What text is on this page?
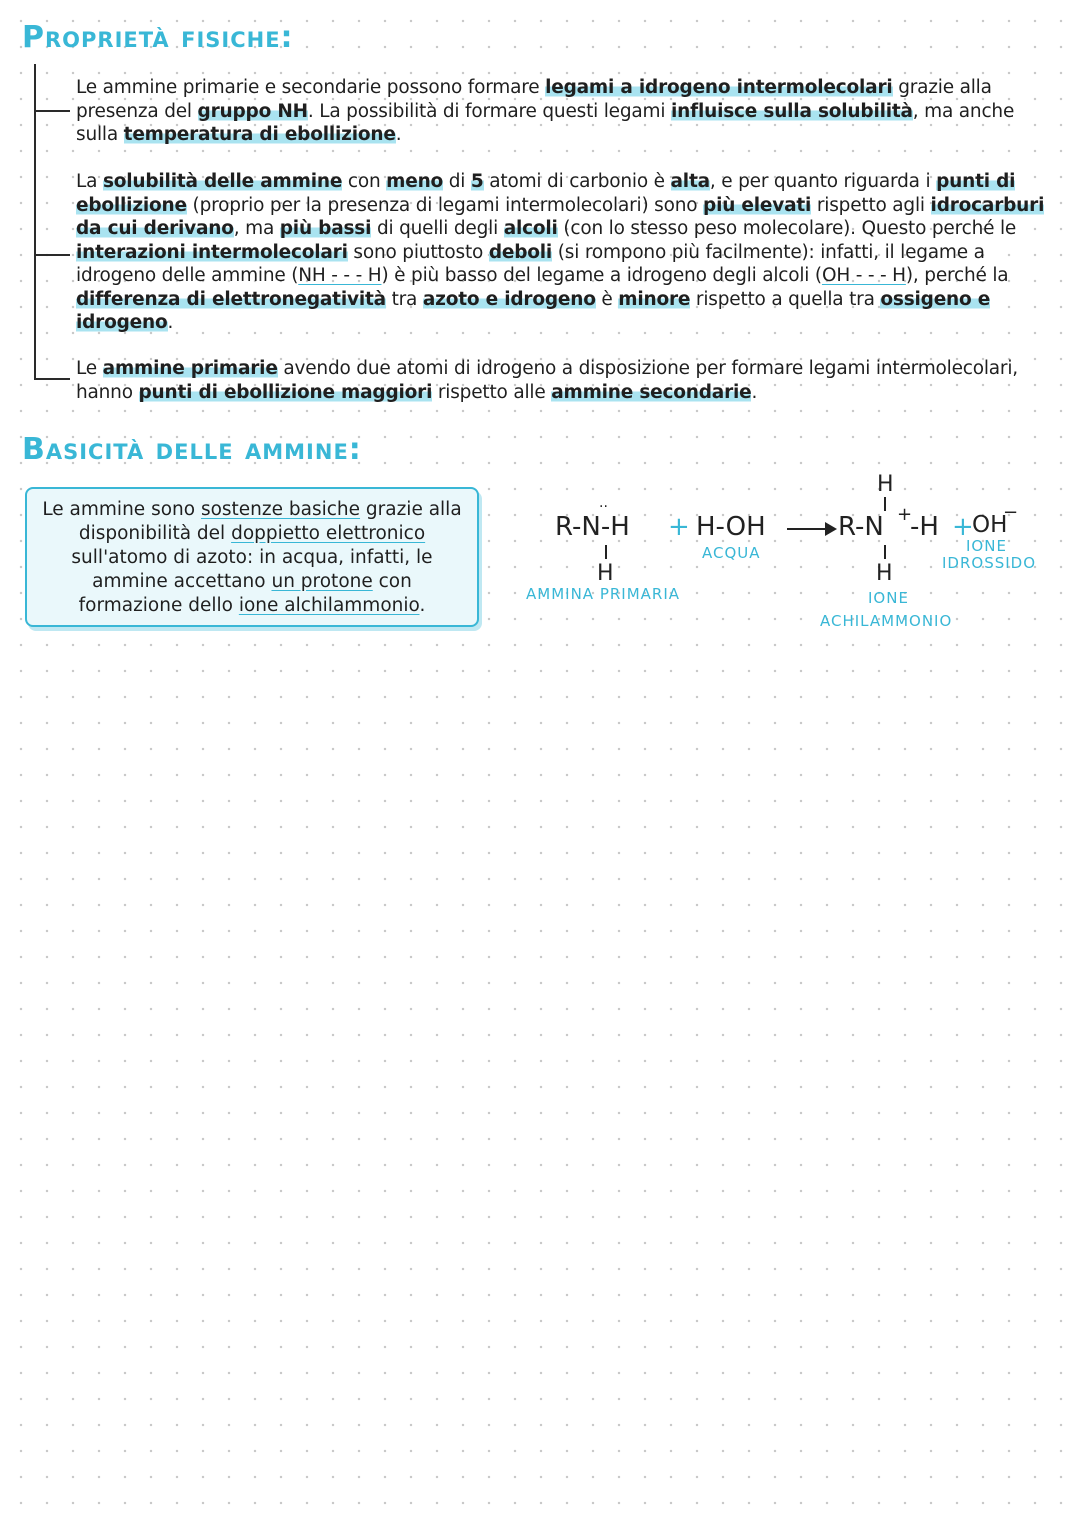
Proprietà fisiche:

Le ammine primarie e secondarie possono formare legami a idrogeno intermolecolari grazie alla presenza del gruppo NH. La possibilità di formare questi legami influisce sulla solubilità, ma anche sulla temperatura di ebollizione.

La solubilità delle ammine con meno di 5 atomi di carbonio è alta, e per quanto riguarda i punti di ebollizione (proprio per la presenza di legami intermolecolari) sono più elevati rispetto agli idrocarburi da cui derivano, ma più bassi di quelli degli alcoli (con lo stesso peso molecolare). Questo perché le interazioni intermolecolari sono piuttosto deboli (si rompono più facilmente): infatti, il legame a idrogeno delle ammine (NH - - - H) è più basso del legame a idrogeno degli alcoli (OH - - - H), perché la differenza di elettronegatività tra azoto e idrogeno è minore rispetto a quella tra ossigeno e idrogeno.

Le ammine primarie avendo due atomi di idrogeno a disposizione per formare legami intermolecolari, hanno punti di ebollizione maggiori rispetto alle ammine secondarie.

Basicità delle ammine:

Le ammine sono sostenze basiche grazie alla disponibilità del doppietto elettronico sull'atomo di azoto: in acqua, infatti, le ammine accettano un protone con formazione dello ione alchilammonio.

R-N-H
··
H
AMMINA PRIMARIA
+ H-OH
ACQUA
H
R-N +
-H
H
IONE
ACHILAMMONIO
+
OH
−
IONE
IDROSSIDO
